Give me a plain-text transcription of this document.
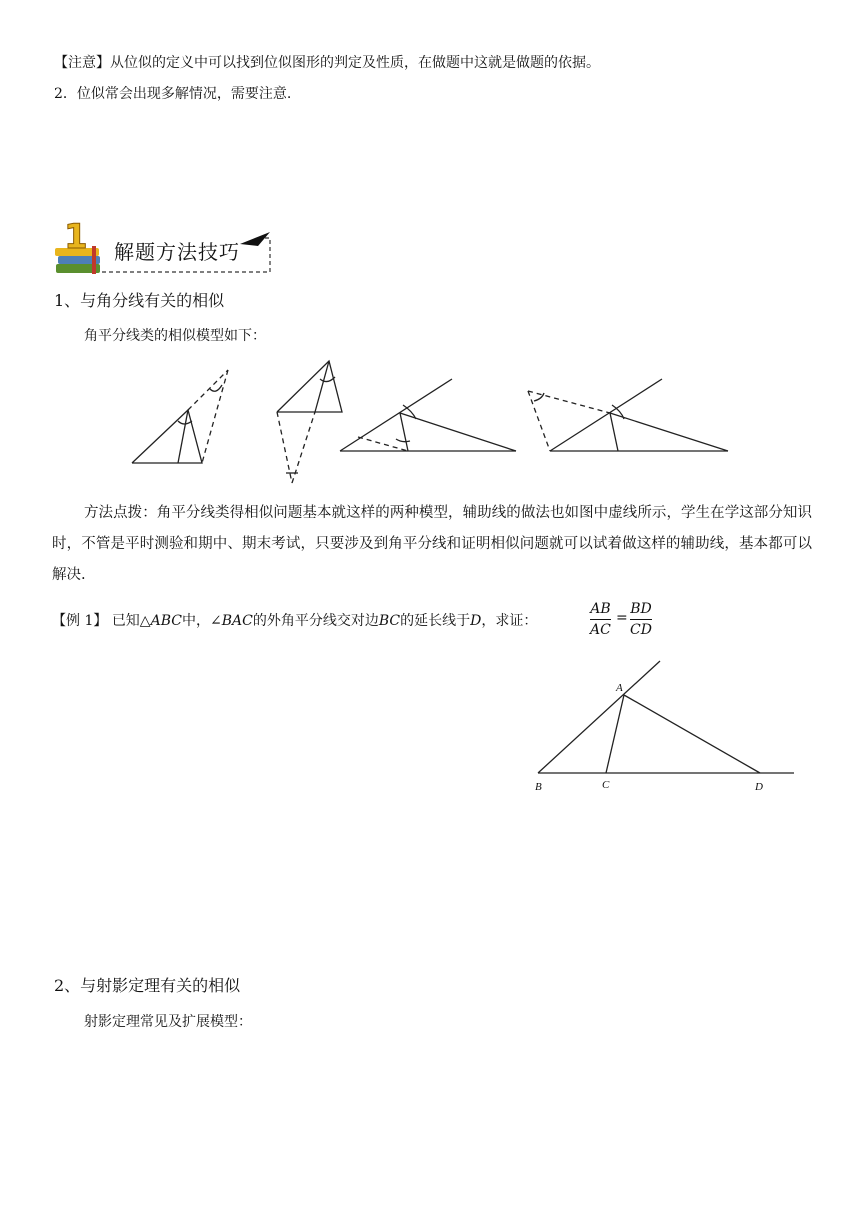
【注意】从位似的定义中可以找到位似图形的判定及性质，在做题中这就是做题的依据。
2．位似常会出现多解情况，需要注意.
1 解题方法技巧
1、与角分线有关的相似
角平分线类的相似模型如下：
方法点拨：角平分线类得相似问题基本就这样的两种模型，辅助线的做法也如图中虚线所示，学生在学这部分知识时，不管是平时测验和期中、期末考试，只要涉及到角平分线和证明相似问题就可以试着做这样的辅助线，基本都可以解决.
【例 1】 已知△ABC中，∠BAC的外角平分线交对边BC的延长线于D，求证：
AB
AC
=
BD
CD
A
B	C	D
2、与射影定理有关的相似
射影定理常见及扩展模型：
